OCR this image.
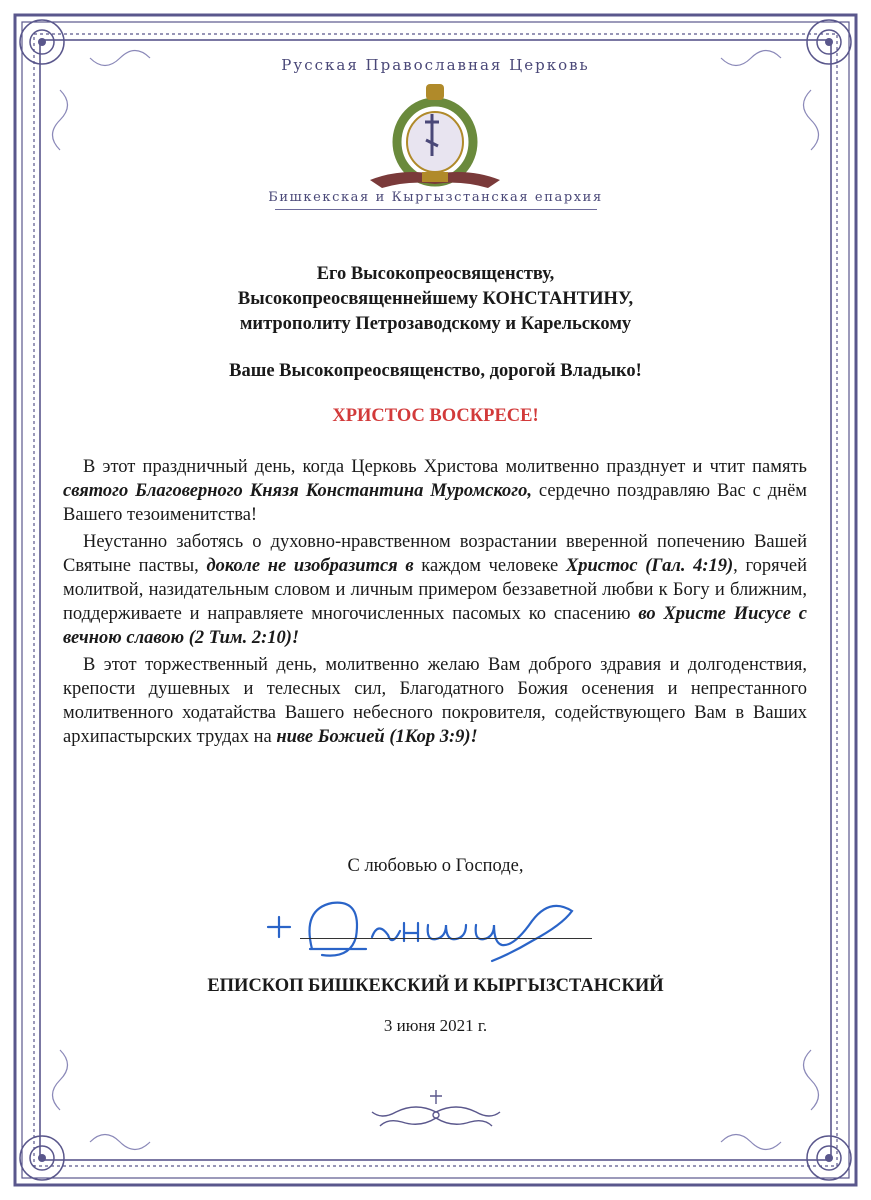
Русская Православная Церковь
Бишкекская и Кыргызстанская епархия
Его Высокопреосвященству,
Высокопреосвященнейшему КОНСТАНТИНУ,
митрополиту Петрозаводскому и Карельскому
Ваше Высокопреосвященство, дорогой Владыко!
ХРИСТОС ВОСКРЕСЕ!

В этот праздничный день, когда Церковь Христова молитвенно празднует и чтит память святого Благоверного Князя Константина Муромского, сердечно поздравляю Вас с днём Вашего тезоименитства!

Неустанно заботясь о духовно-нравственном возрастании вверенной попечению Вашей Святыне паствы, доколе не изобразится в каждом человеке Христос (Гал. 4:19), горячей молитвой, назидательным словом и личным примером беззаветной любви к Богу и ближним, поддерживаете и направляете многочисленных пасомых ко спасению во Христе Иисусе с вечною славою (2 Тим. 2:10)!

В этот торжественный день, молитвенно желаю Вам доброго здравия и долгоденствия, крепости душевных и телесных сил, Благодатного Божия осенения и непрестанного молитвенного ходатайства Вашего небесного покровителя, содействующего Вам в Ваших архипастырских трудах на ниве Божией (1Кор 3:9)!

С любовью о Господе,
ЕПИСКОП БИШКЕКСКИЙ И КЫРГЫЗСТАНСКИЙ
3 июня 2021 г.
